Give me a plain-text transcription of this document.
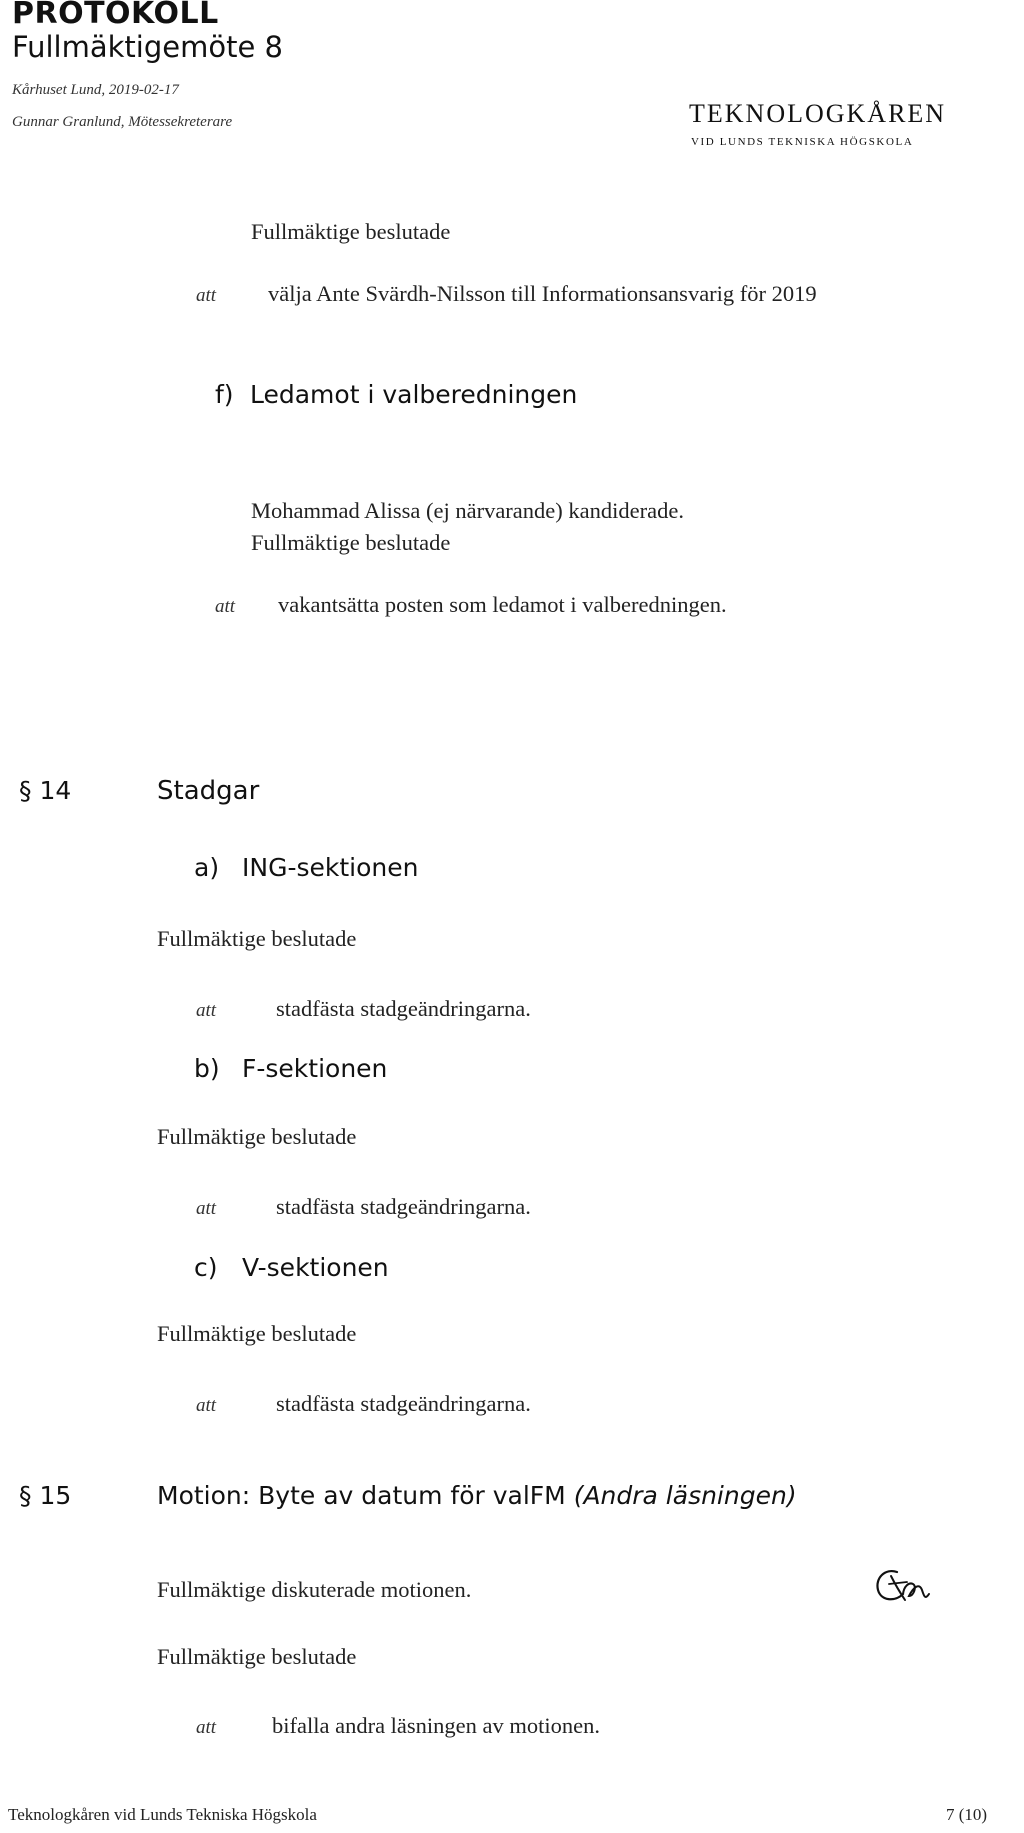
PROTOKOLL
Fullmäktigemöte 8
Kårhuset Lund, 2019-02-17
Gunnar Granlund, Mötessekreterare	TEKNOLOGKÅREN
VID LUNDS TEKNISKA HÖGSKOLA
Fullmäktige beslutade
att välja Ante Svärdh-Nilsson till Informationsansvarig för 2019
f) Ledamot i valberedningen
Mohammad Alissa (ej närvarande) kandiderade.
Fullmäktige beslutade
att vakantsätta posten som ledamot i valberedningen.
§ 14	Stadgar
a) ING-sektionen
Fullmäktige beslutade
att	stadfästa stadgeändringarna.
b) F-sektionen
Fullmäktige beslutade
att	stadfästa stadgeändringarna.
c) V-sektionen
Fullmäktige beslutade
att	stadfästa stadgeändringarna.
§ 15	Motion: Byte av datum för valFM (Andra läsningen)
Fullmäktige diskuterade motionen.
Fullmäktige beslutade
att bifalla andra läsningen av motionen.
Teknologkåren vid Lunds Tekniska Högskola	7 (10)
